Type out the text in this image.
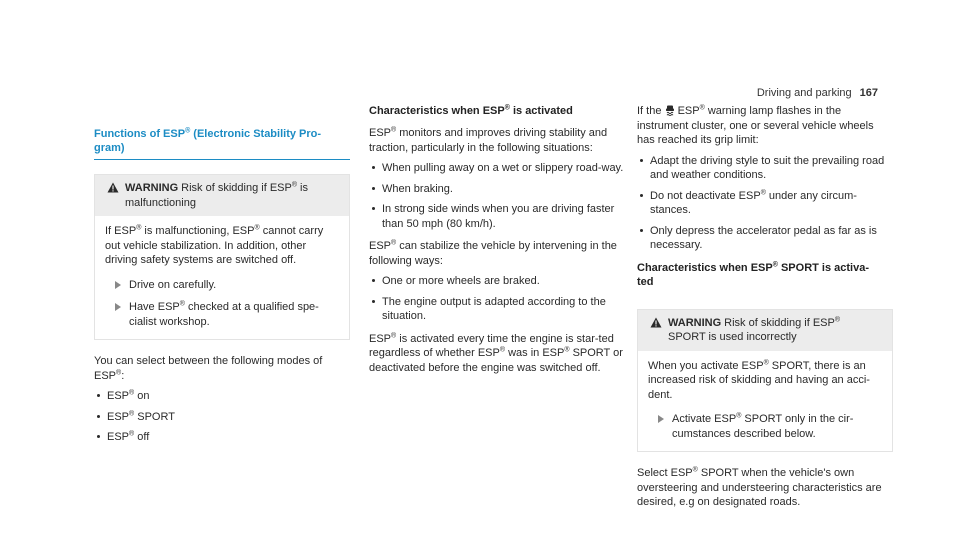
Driving and parking 167
Functions of ESP® (Electronic Stability Pro-
gram)
WARNING Risk of skidding if ESP® is
malfunctioning

If ESP® is malfunctioning, ESP® cannot carry out vehicle stabilization. In addition, other driving safety systems are switched off.

Drive on carefully.
Have ESP® checked at a qualified spe-cialist workshop.

You can select between the following modes of
ESP®:

ESP® on
ESP® SPORT
ESP® off
Characteristics when ESP® is activated

ESP® monitors and improves driving stability and traction, particularly in the following situations:

When pulling away on a wet or slippery road-way.
When braking.
In strong side winds when you are driving faster than 50 mph (80 km/h).

ESP® can stabilize the vehicle by intervening in the following ways:

One or more wheels are braked.
The engine output is adapted according to the situation.

ESP® is activated every time the engine is star-ted regardless of whether ESP® was in ESP® SPORT or deactivated before the engine was switched off.

If the  ESP® warning lamp flashes in the instrument cluster, one or several vehicle wheels has reached its grip limit:

Adapt the driving style to suit the prevailing road and weather conditions.
Do not deactivate ESP® under any circum-stances.
Only depress the accelerator pedal as far as is necessary.
Characteristics when ESP® SPORT is activa-
ted
WARNING Risk of skidding if ESP®
SPORT is used incorrectly

When you activate ESP® SPORT, there is an increased risk of skidding and having an acci-dent.

Activate ESP® SPORT only in the cir-cumstances described below.

Select ESP® SPORT when the vehicle's own oversteering and understeering characteristics are desired, e.g on designated roads.
